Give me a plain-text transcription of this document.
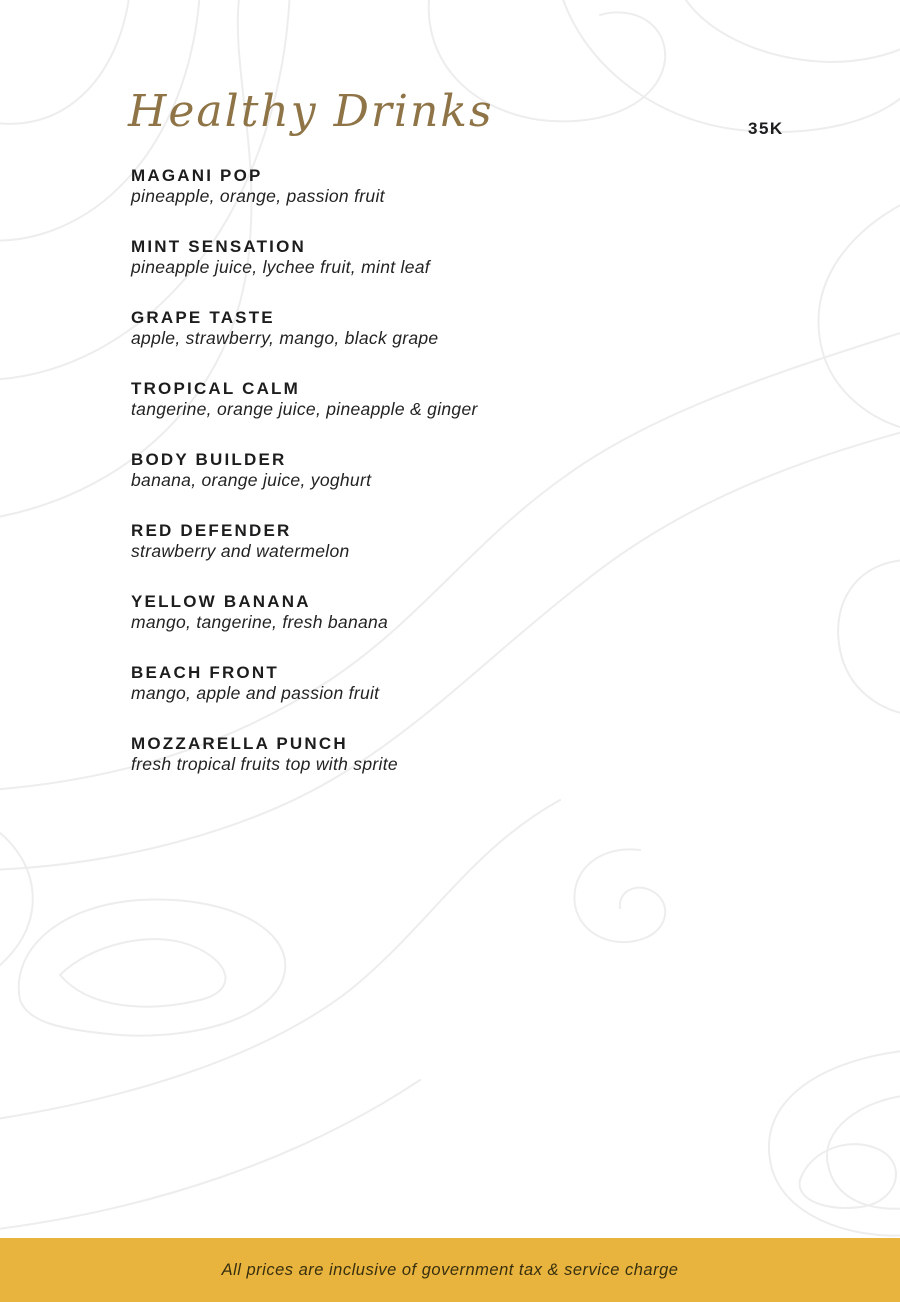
Healthy Drinks	35K
MAGANI POP
pineapple, orange, passion fruit
MINT SENSATION
pineapple juice, lychee fruit, mint leaf
GRAPE TASTE
apple, strawberry, mango, black grape
TROPICAL CALM
tangerine, orange juice, pineapple & ginger
BODY BUILDER
banana, orange juice, yoghurt
RED DEFENDER
strawberry and watermelon
YELLOW BANANA
mango, tangerine, fresh banana
BEACH FRONT
mango, apple and passion fruit
MOZZARELLA PUNCH
fresh tropical fruits top with sprite
All prices are inclusive of government tax & service charge
